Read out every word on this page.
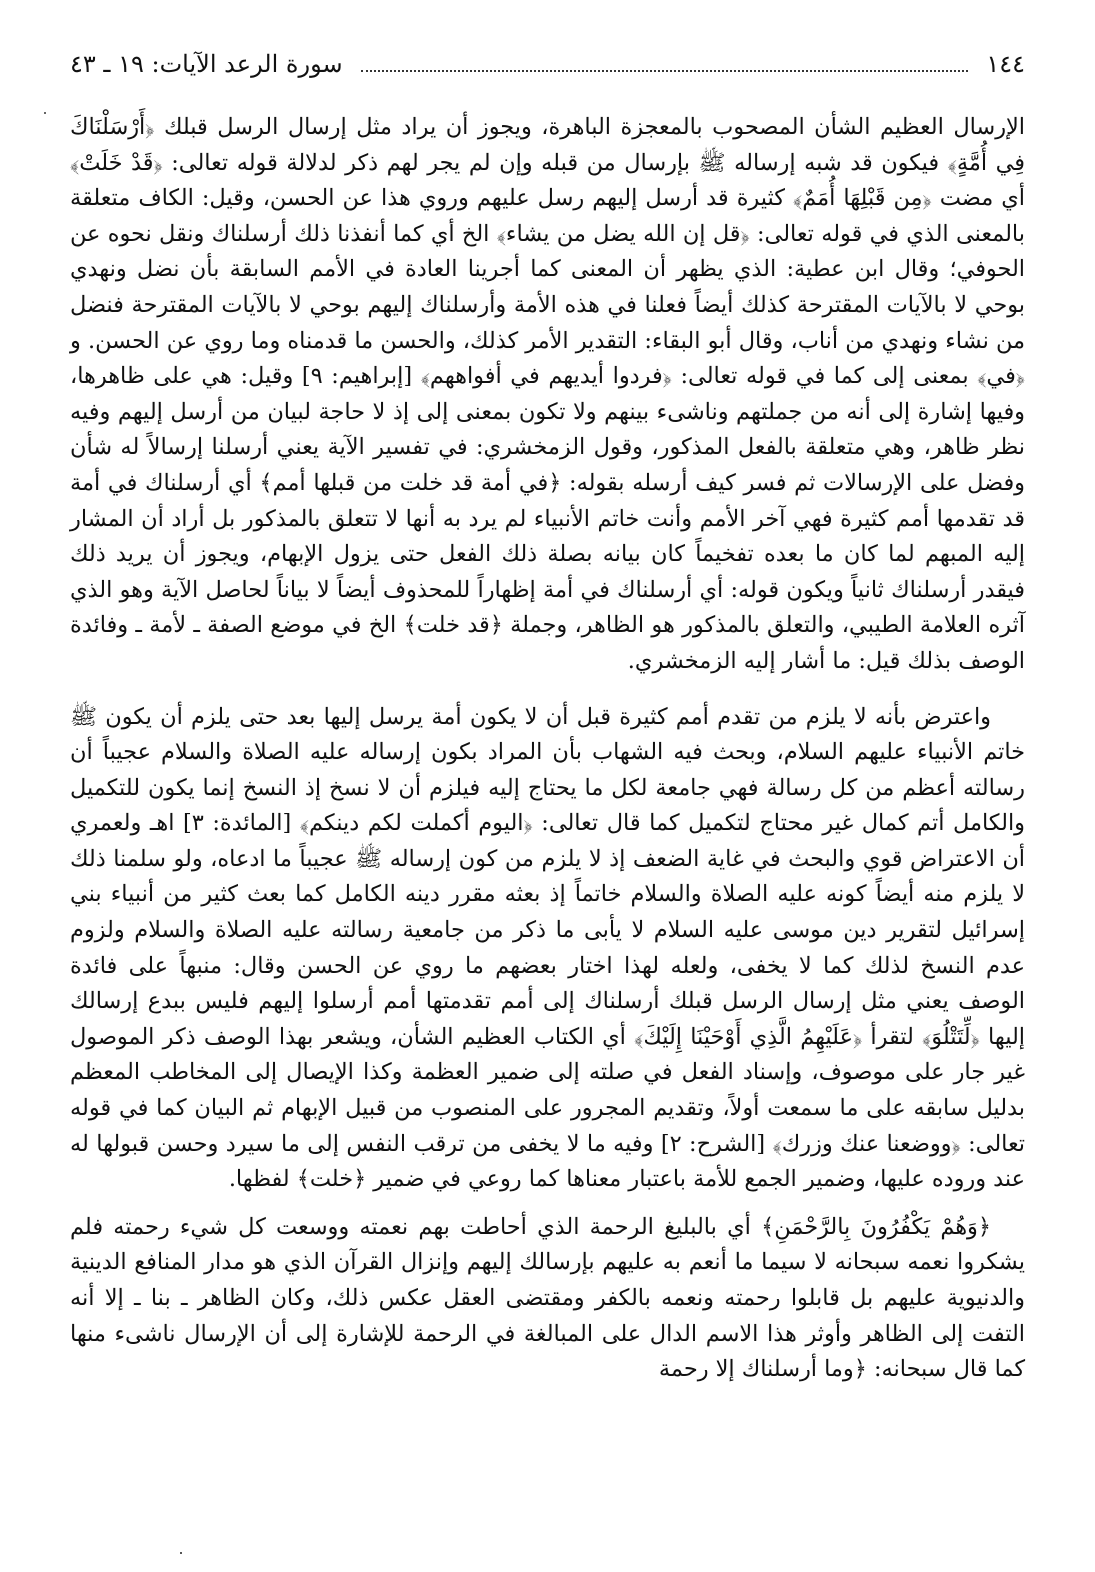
١٤٤
سورة الرعد الآيات: ١٩ ـ ٤٣

الإرسال العظيم الشأن المصحوب بالمعجزة الباهرة، ويجوز أن يراد مثل إرسال الرسل قبلك ﴿أَرْسَلْنَاكَ فِي أُمَّةٍ﴾ فيكون قد شبه إرساله ﷺ بإرسال من قبله وإن لم يجر لهم ذكر لدلالة قوله تعالى: ﴿قَدْ خَلَتْ﴾ أي مضت ﴿مِن قَبْلِهَا أُمَمٌ﴾ كثيرة قد أرسل إليهم رسل عليهم وروي هذا عن الحسن، وقيل: الكاف متعلقة بالمعنى الذي في قوله تعالى: ﴿قل إن الله يضل من يشاء﴾ الخ أي كما أنفذنا ذلك أرسلناك ونقل نحوه عن الحوفي؛ وقال ابن عطية: الذي يظهر أن المعنى كما أجرينا العادة في الأمم السابقة بأن نضل ونهدي بوحي لا بالآيات المقترحة كذلك أيضاً فعلنا في هذه الأمة وأرسلناك إليهم بوحي لا بالآيات المقترحة فنضل من نشاء ونهدي من أناب، وقال أبو البقاء: التقدير الأمر كذلك، والحسن ما قدمناه وما روي عن الحسن. و ﴿في﴾ بمعنى إلى كما في قوله تعالى: ﴿فردوا أيديهم في أفواههم﴾ [إبراهيم: ٩] وقيل: هي على ظاهرها، وفيها إشارة إلى أنه من جملتهم وناشىء بينهم ولا تكون بمعنى إلى إذ لا حاجة لبيان من أرسل إليهم وفيه نظر ظاهر، وهي متعلقة بالفعل المذكور، وقول الزمخشري: في تفسير الآية يعني أرسلنا إرسالاً له شأن وفضل على الإرسالات ثم فسر كيف أرسله بقوله: ﴿في أمة قد خلت من قبلها أمم﴾ أي أرسلناك في أمة قد تقدمها أمم كثيرة فهي آخر الأمم وأنت خاتم الأنبياء لم يرد به أنها لا تتعلق بالمذكور بل أراد أن المشار إليه المبهم لما كان ما بعده تفخيماً كان بيانه بصلة ذلك الفعل حتى يزول الإبهام، ويجوز أن يريد ذلك فيقدر أرسلناك ثانياً ويكون قوله: أي أرسلناك في أمة إظهاراً للمحذوف أيضاً لا بياناً لحاصل الآية وهو الذي آثره العلامة الطيبي، والتعلق بالمذكور هو الظاهر، وجملة ﴿قد خلت﴾ الخ في موضع الصفة ـ لأمة ـ وفائدة الوصف بذلك قيل: ما أشار إليه الزمخشري.

واعترض بأنه لا يلزم من تقدم أمم كثيرة قبل أن لا يكون أمة يرسل إليها بعد حتى يلزم أن يكون ﷺ خاتم الأنبياء عليهم السلام، وبحث فيه الشهاب بأن المراد بكون إرساله عليه الصلاة والسلام عجيباً أن رسالته أعظم من كل رسالة فهي جامعة لكل ما يحتاج إليه فيلزم أن لا نسخ إذ النسخ إنما يكون للتكميل والكامل أتم كمال غير محتاج لتكميل كما قال تعالى: ﴿اليوم أكملت لكم دينكم﴾ [المائدة: ٣] اهـ ولعمري أن الاعتراض قوي والبحث في غاية الضعف إذ لا يلزم من كون إرساله ﷺ عجيباً ما ادعاه، ولو سلمنا ذلك لا يلزم منه أيضاً كونه عليه الصلاة والسلام خاتماً إذ بعثه مقرر دينه الكامل كما بعث كثير من أنبياء بني إسرائيل لتقرير دين موسى عليه السلام لا يأبى ما ذكر من جامعية رسالته عليه الصلاة والسلام ولزوم عدم النسخ لذلك كما لا يخفى، ولعله لهذا اختار بعضهم ما روي عن الحسن وقال: منبهاً على فائدة الوصف يعني مثل إرسال الرسل قبلك أرسلناك إلى أمم تقدمتها أمم أرسلوا إليهم فليس ببدع إرسالك إليها ﴿لِّتَتْلُوَ﴾ لتقرأ ﴿عَلَيْهِمُ الَّذِي أَوْحَيْنَا إِلَيْكَ﴾ أي الكتاب العظيم الشأن، ويشعر بهذا الوصف ذكر الموصول غير جار على موصوف، وإسناد الفعل في صلته إلى ضمير العظمة وكذا الإيصال إلى المخاطب المعظم بدليل سابقه على ما سمعت أولاً، وتقديم المجرور على المنصوب من قبيل الإبهام ثم البيان كما في قوله تعالى: ﴿ووضعنا عنك وزرك﴾ [الشرح: ٢] وفيه ما لا يخفى من ترقب النفس إلى ما سيرد وحسن قبولها له عند وروده عليها، وضمير الجمع للأمة باعتبار معناها كما روعي في ضمير ﴿خلت﴾ لفظها.

﴿وَهُمْ يَكْفُرُونَ بِالرَّحْمَنِ﴾ أي بالبليغ الرحمة الذي أحاطت بهم نعمته ووسعت كل شيء رحمته فلم يشكروا نعمه سبحانه لا سيما ما أنعم به عليهم بإرسالك إليهم وإنزال القرآن الذي هو مدار المنافع الدينية والدنيوية عليهم بل قابلوا رحمته ونعمه بالكفر ومقتضى العقل عكس ذلك، وكان الظاهر ـ بنا ـ إلا أنه التفت إلى الظاهر وأوثر هذا الاسم الدال على المبالغة في الرحمة للإشارة إلى أن الإرسال ناشىء منها كما قال سبحانه: ﴿وما أرسلناك إلا رحمة
